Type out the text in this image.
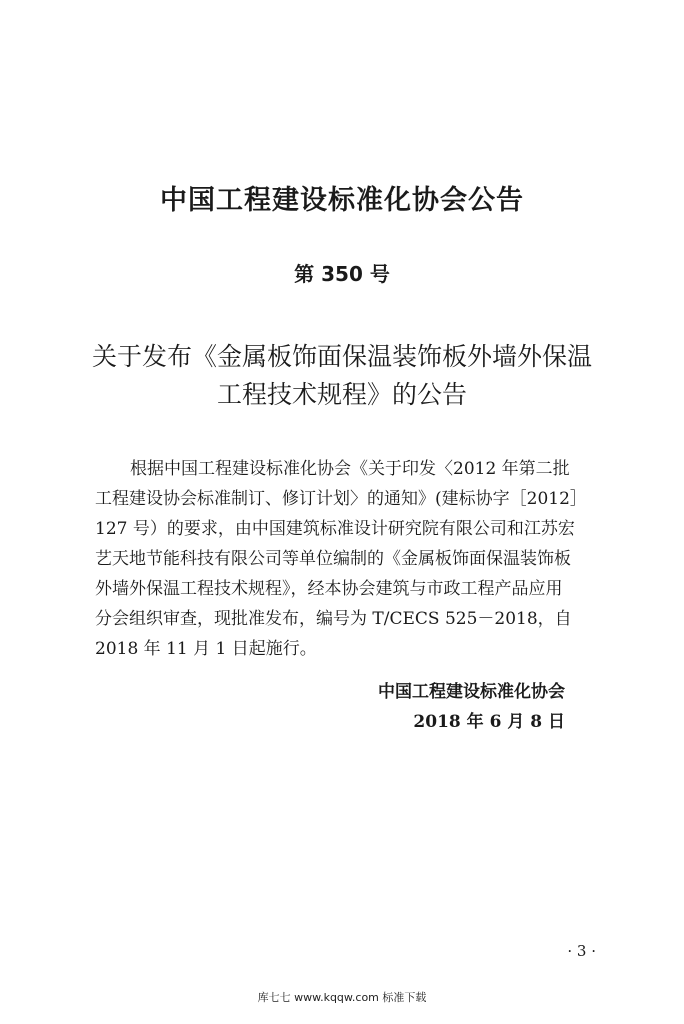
中国工程建设标准化协会公告
第 350 号
关于发布《金属板饰面保温装饰板外墙外保温
工程技术规程》的公告
根据中国工程建设标准化协会《关于印发〈2012 年第二批
工程建设协会标准制订、修订计划〉的通知》(建标协字［2012］
127 号）的要求，由中国建筑标准设计研究院有限公司和江苏宏
艺天地节能科技有限公司等单位编制的《金属板饰面保温装饰板
外墙外保温工程技术规程》，经本协会建筑与市政工程产品应用
分会组织审查，现批准发布，编号为 T/CECS 525－2018，自
2018 年 11 月 1 日起施行。
中国工程建设标准化协会
2018 年 6 月 8 日
· 3 ·
库七七 www.kqqw.com 标准下载
